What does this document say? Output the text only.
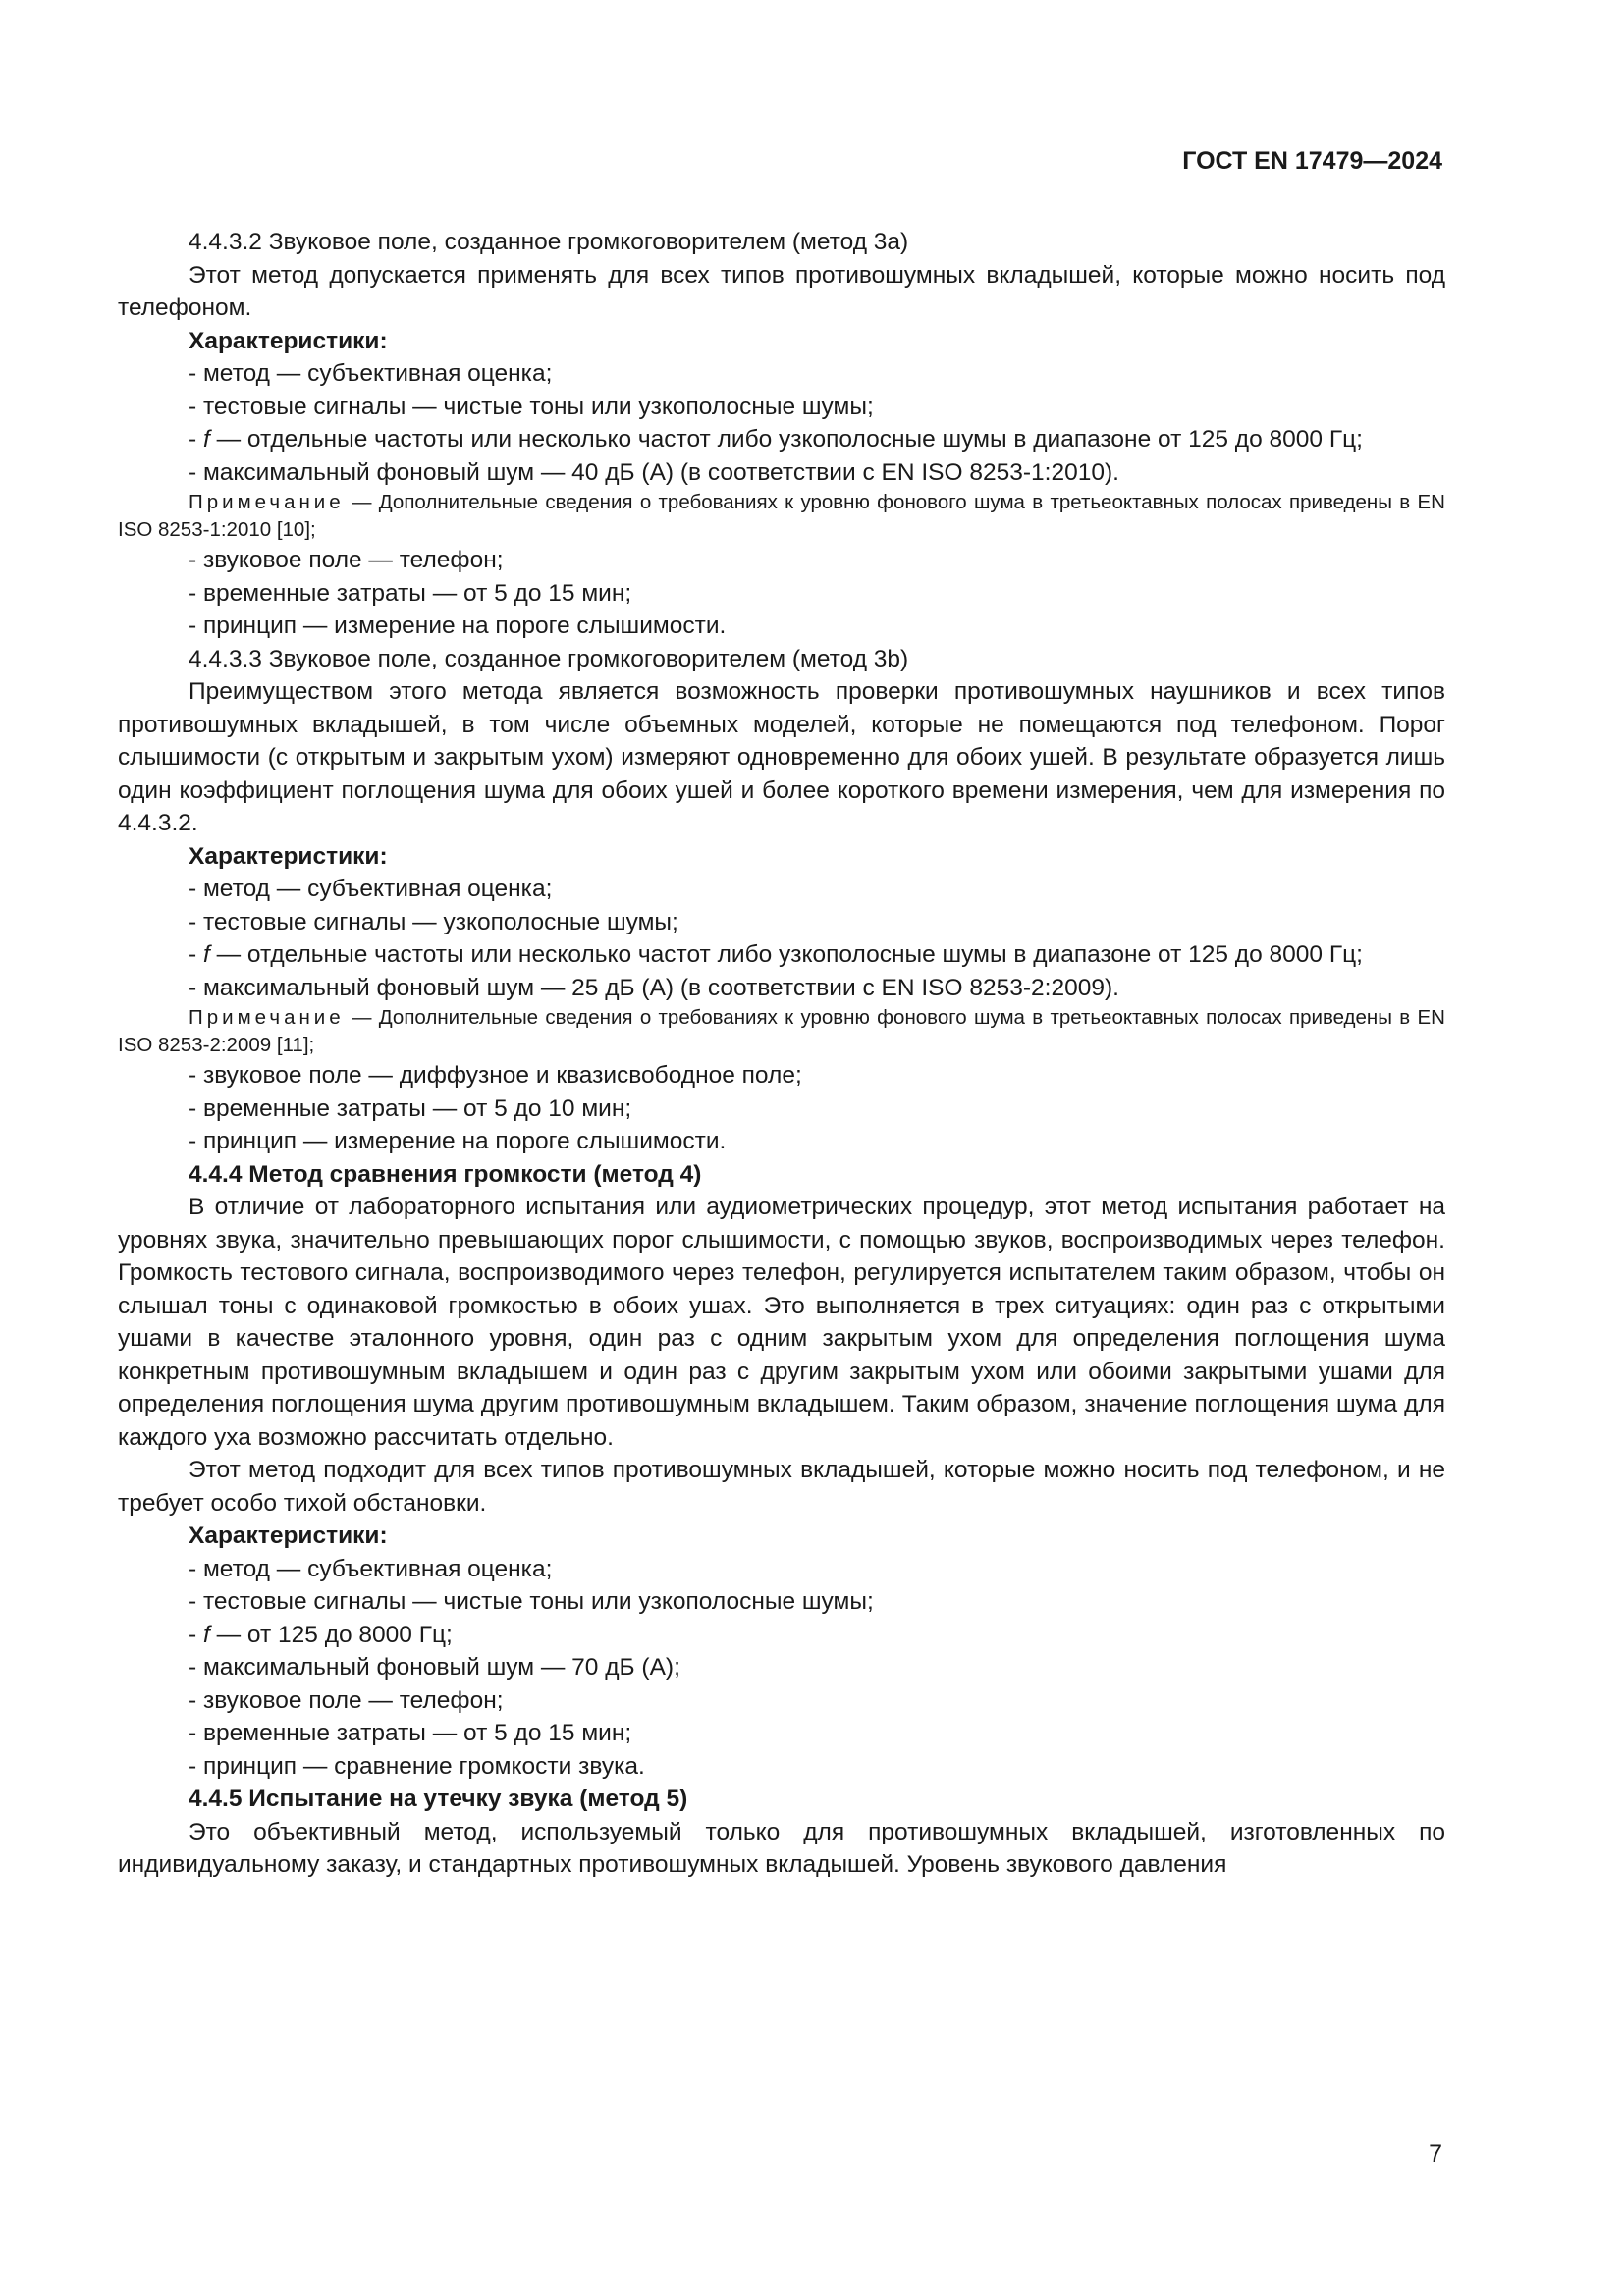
ГОСТ EN 17479—2024

4.4.3.2 Звуковое поле, созданное громкоговорителем (метод 3а)

Этот метод допускается применять для всех типов противошумных вкладышей, которые можно носить под телефоном.

Характеристики:

- метод — субъективная оценка;

- тестовые сигналы — чистые тоны или узкополосные шумы;

- f — отдельные частоты или несколько частот либо узкополосные шумы в диапазоне от 125 до 8000 Гц;

- максимальный фоновый шум — 40 дБ (А) (в соответствии с EN ISO 8253-1:2010).

Примечание — Дополнительные сведения о требованиях к уровню фонового шума в третьеоктавных полосах приведены в EN ISO 8253-1:2010 [10];

- звуковое поле — телефон;

- временные затраты — от 5 до 15 мин;

- принцип — измерение на пороге слышимости.

4.4.3.3 Звуковое поле, созданное громкоговорителем (метод 3b)

Преимуществом этого метода является возможность проверки противошумных наушников и всех типов противошумных вкладышей, в том числе объемных моделей, которые не помещаются под телефоном. Порог слышимости (с открытым и закрытым ухом) измеряют одновременно для обоих ушей. В результате образуется лишь один коэффициент поглощения шума для обоих ушей и более короткого времени измерения, чем для измерения по 4.4.3.2.

Характеристики:

- метод — субъективная оценка;

- тестовые сигналы — узкополосные шумы;

- f — отдельные частоты или несколько частот либо узкополосные шумы в диапазоне от 125 до 8000 Гц;

- максимальный фоновый шум — 25 дБ (А) (в соответствии с EN ISO 8253-2:2009).

Примечание — Дополнительные сведения о требованиях к уровню фонового шума в третьеоктавных полосах приведены в EN ISO 8253-2:2009 [11];

- звуковое поле — диффузное и квазисвободное поле;

- временные затраты — от 5 до 10 мин;

- принцип — измерение на пороге слышимости.

4.4.4 Метод сравнения громкости (метод 4)

В отличие от лабораторного испытания или аудиометрических процедур, этот метод испытания работает на уровнях звука, значительно превышающих порог слышимости, с помощью звуков, воспроизводимых через телефон. Громкость тестового сигнала, воспроизводимого через телефон, регулируется испытателем таким образом, чтобы он слышал тоны с одинаковой громкостью в обоих ушах. Это выполняется в трех ситуациях: один раз с открытыми ушами в качестве эталонного уровня, один раз с одним закрытым ухом для определения поглощения шума конкретным противошумным вкладышем и один раз с другим закрытым ухом или обоими закрытыми ушами для определения поглощения шума другим противошумным вкладышем. Таким образом, значение поглощения шума для каждого уха возможно рассчитать отдельно.

Этот метод подходит для всех типов противошумных вкладышей, которые можно носить под телефоном, и не требует особо тихой обстановки.

Характеристики:

- метод — субъективная оценка;

- тестовые сигналы — чистые тоны или узкополосные шумы;

- f — от 125 до 8000 Гц;

- максимальный фоновый шум — 70 дБ (А);

- звуковое поле — телефон;

- временные затраты — от 5 до 15 мин;

- принцип — сравнение громкости звука.

4.4.5 Испытание на утечку звука (метод 5)

Это объективный метод, используемый только для противошумных вкладышей, изготовленных по индивидуальному заказу, и стандартных противошумных вкладышей. Уровень звукового давления

7
